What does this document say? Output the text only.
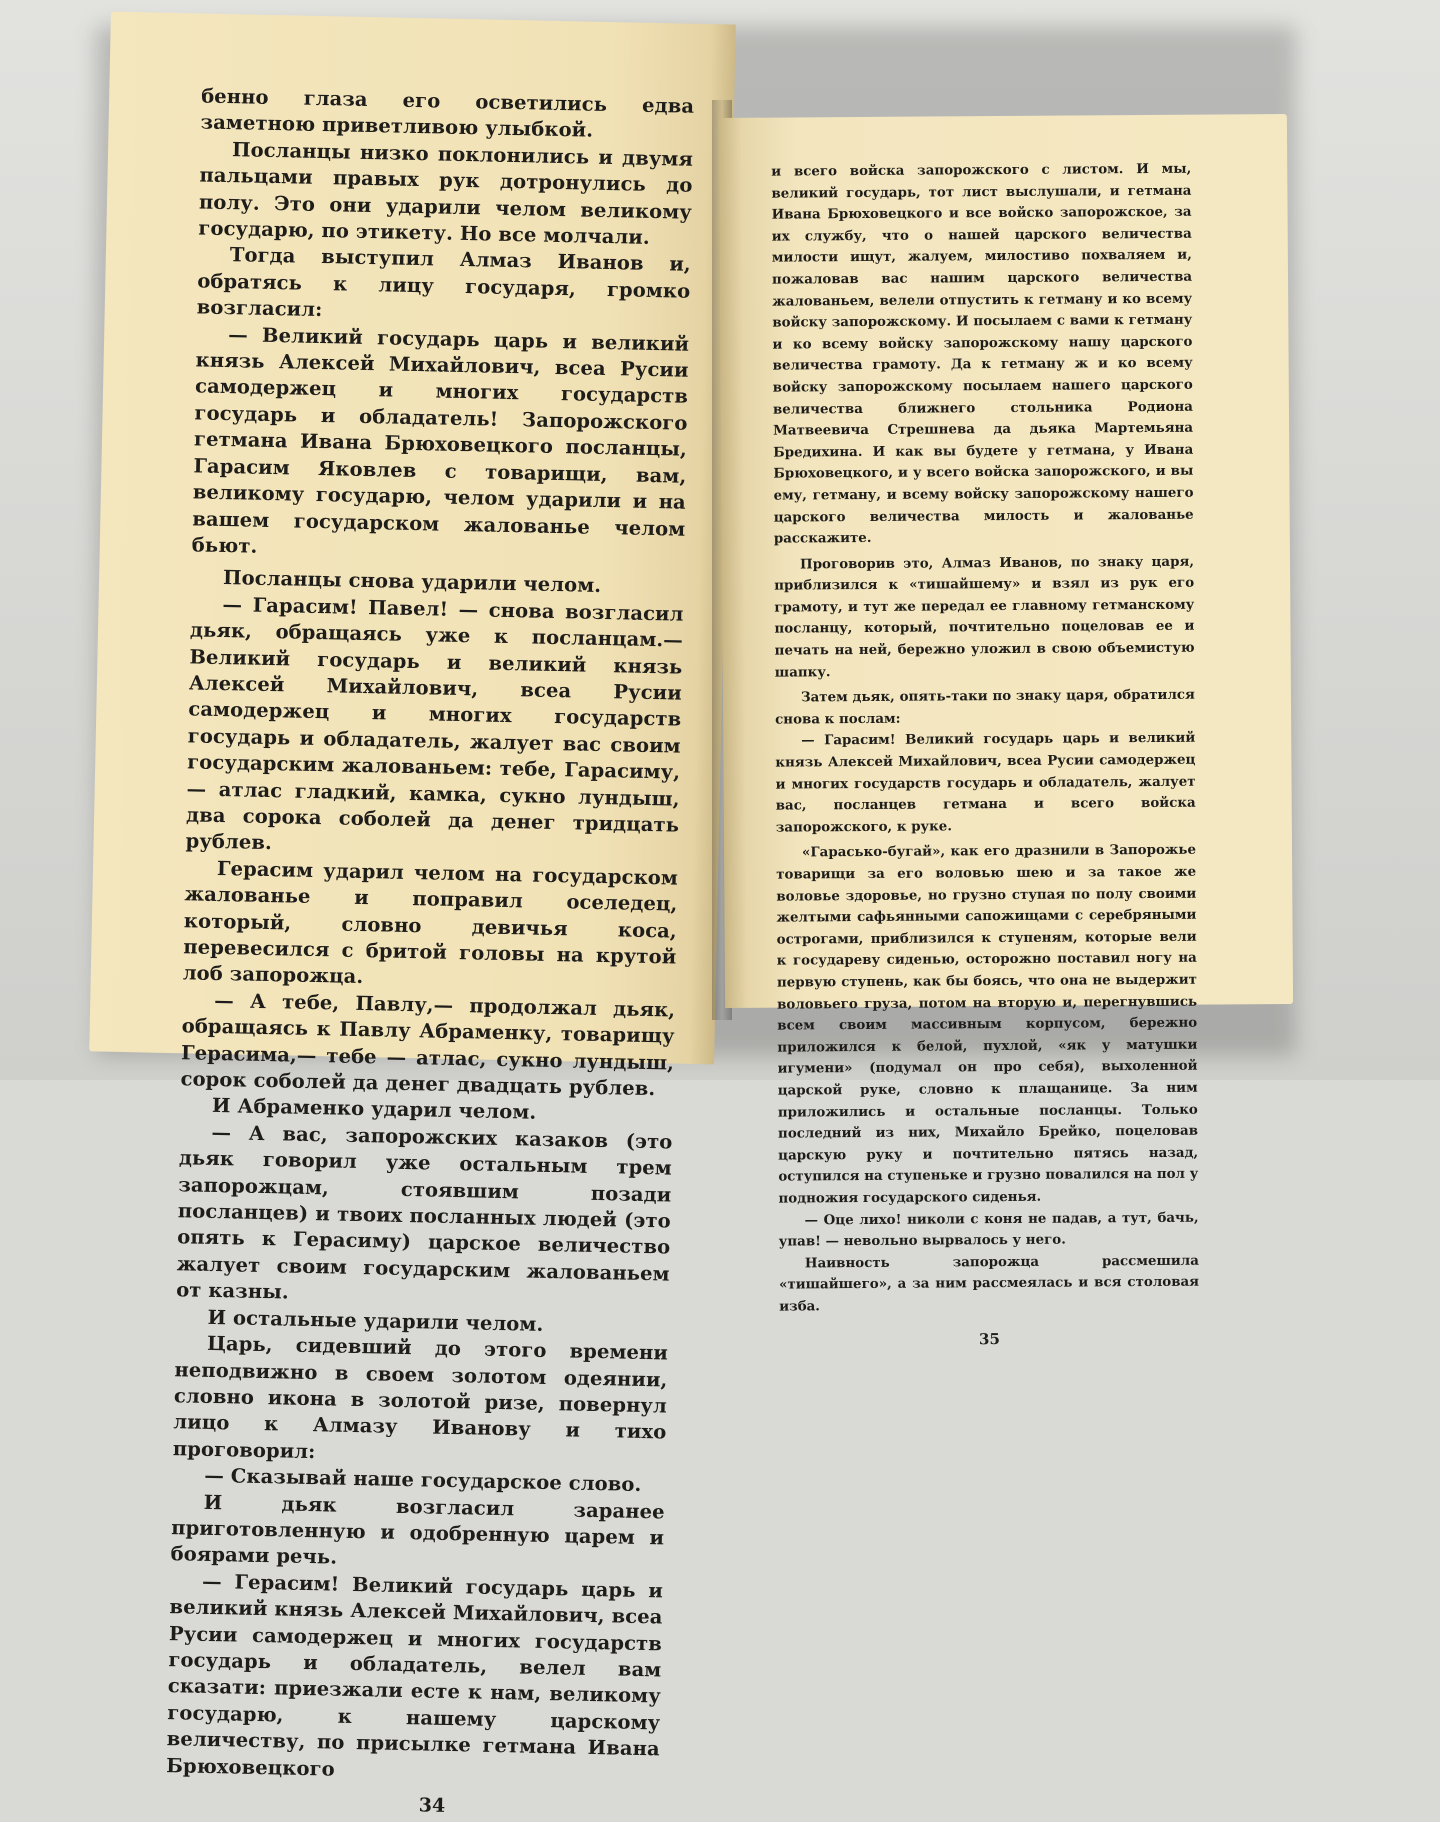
бенно глаза его осветились едва заметною приветливою улыбкой.

Посланцы низко поклонились и двумя пальцами правых рук дотронулись до полу. Это они ударили челом великому государю, по этикету. Но все молчали.

Тогда выступил Алмаз Иванов и, обратясь к лицу государя, громко возгласил:

— Великий государь царь и великий князь Алексей Михайлович, всеа Русии самодержец и многих государств государь и обладатель! Запорожского гетмана Ивана Брюховецкого посланцы, Гарасим Яковлев с товарищи, вам, великому государю, челом ударили и на вашем государском жалованье челом бьют.

Посланцы снова ударили челом.

— Гарасим! Павел! — снова возгласил дьяк, обращаясь уже к посланцам.— Великий государь и великий князь Алексей Михайлович, всеа Русии самодержец и многих государств государь и обладатель, жалует вас своим государским жалованьем: тебе, Гарасиму,— атлас гладкий, камка, сукно лундыш, два сорока соболей да денег тридцать рублев.

Герасим ударил челом на государском жалованье и поправил оселедец, который, словно девичья коса, перевесился с бритой головы на крутой лоб запорожца.

— А тебе, Павлу,— продолжал дьяк, обращаясь к Павлу Абраменку, товарищу Герасима,— тебе — атлас, сукно лундыш, сорок соболей да денег двадцать рублев.

И Абраменко ударил челом.

— А вас, запорожских казаков (это дьяк говорил уже остальным трем запорожцам, стоявшим позади посланцев) и твоих посланных людей (это опять к Герасиму) царское величество жалует своим государским жалованьем от казны.

И остальные ударили челом.

Царь, сидевший до этого времени неподвижно в своем золотом одеянии, словно икона в золотой ризе, повернул лицо к Алмазу Иванову и тихо проговорил:

— Сказывай наше государское слово.

И дьяк возгласил заранее приготовленную и одобренную царем и боярами речь.

— Герасим! Великий государь царь и великий князь Алексей Михайлович, всеа Русии самодержец и многих государств государь и обладатель, велел вам сказати: приезжали есте к нам, великому государю, к нашему царскому величеству, по присылке гетмана Ивана Брюховецкого

34

и всего войска запорожского с листом. И мы, великий государь, тот лист выслушали, и гетмана Ивана Брюховецкого и все войско запорожское, за их службу, что о нашей царского величества милости ищут, жалуем, милостиво похваляем и, пожаловав вас нашим царского величества жалованьем, велели отпустить к гетману и ко всему войску запорожскому. И посылаем с вами к гетману и ко всему войску запорожскому нашу царского величества грамоту. Да к гетману ж и ко всему войску запорожскому посылаем нашего царского величества ближнего стольника Родиона Матвеевича Стрешнева да дьяка Мартемьяна Бредихина. И как вы будете у гетмана, у Ивана Брюховецкого, и у всего войска запорожского, и вы ему, гетману, и всему войску запорожскому нашего царского величества милость и жалованье расскажите.

Проговорив это, Алмаз Иванов, по знаку царя, приблизился к «тишайшему» и взял из рук его грамоту, и тут же передал ее главному гетманскому посланцу, который, почтительно поцеловав ее и печать на ней, бережно уложил в свою объемистую шапку.

Затем дьяк, опять-таки по знаку царя, обратился снова к послам:

— Гарасим! Великий государь царь и великий князь Алексей Михайлович, всеа Русии самодержец и многих государств государь и обладатель, жалует вас, посланцев гетмана и всего войска запорожского, к руке.

«Гарасько-бугай», как его дразнили в Запорожье товарищи за его воловью шею и за такое же воловье здоровье, но грузно ступая по полу своими желтыми сафьянными сапожищами с серебряными острогами, приблизился к ступеням, которые вели к государеву сиденью, осторожно поставил ногу на первую ступень, как бы боясь, что она не выдержит воловьего груза, потом на вторую и, перегнувшись всем своим массивным корпусом, бережно приложился к белой, пухлой, «як у матушки игумени» (подумал он про себя), выхоленной царской руке, словно к плащанице. За ним приложились и остальные посланцы. Только последний из них, Михайло Брейко, поцеловав царскую руку и почтительно пятясь назад, оступился на ступеньке и грузно повалился на пол у подножия государского сиденья.

— Оце лихо! николи с коня не падав, а тут, бачь, упав! — невольно вырвалось у него.

Наивность запорожца рассмешила «тишайшего», а за ним рассмеялась и вся столовая изба.

35
